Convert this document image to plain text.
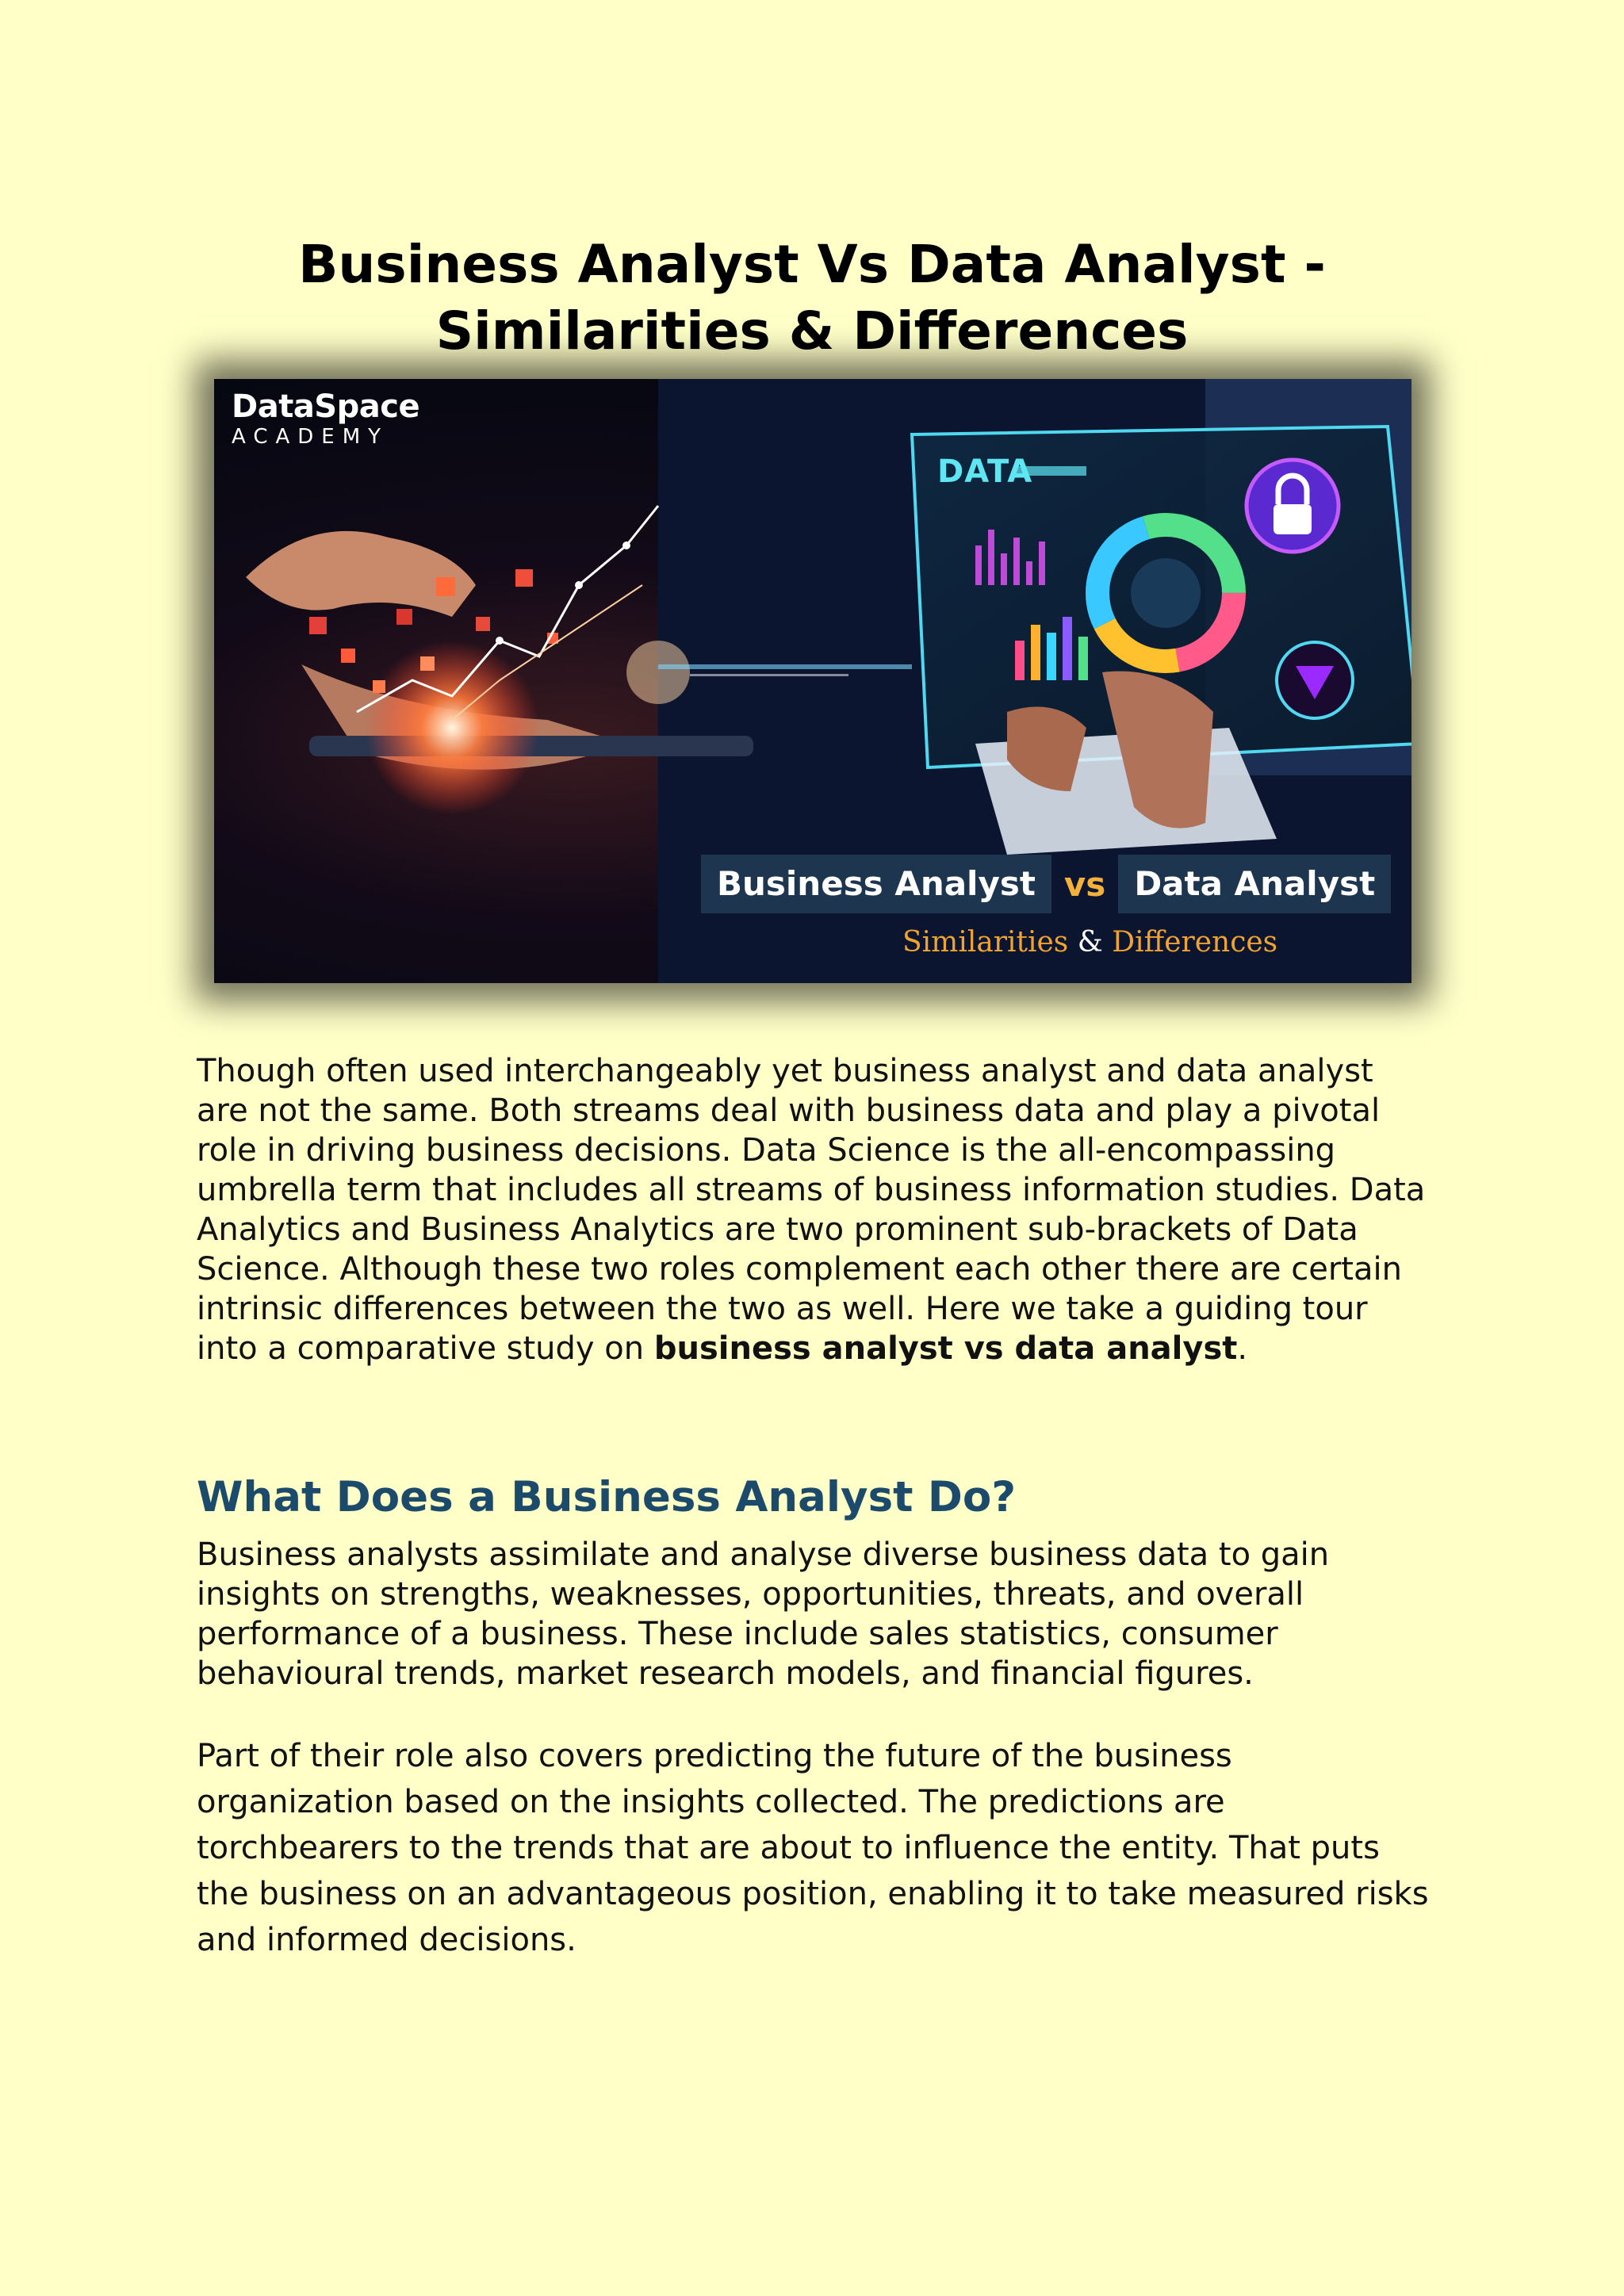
Business Analyst Vs Data Analyst -
Similarities & Differences
DataSpace
ACADEMY
DATA
Business Analyst vs Data Analyst
Similarities & Differences

Though often used interchangeably yet business analyst and data analyst are not the same. Both streams deal with business data and play a pivotal role in driving business decisions. Data Science is the all-encompassing umbrella term that includes all streams of business information studies. Data Analytics and Business Analytics are two prominent sub-brackets of Data Science. Although these two roles complement each other there are certain intrinsic differences between the two as well. Here we take a guiding tour into a comparative study on business analyst vs data analyst.

What Does a Business Analyst Do?

Business analysts assimilate and analyse diverse business data to gain insights on strengths, weaknesses, opportunities, threats, and overall performance of a business. These include sales statistics, consumer behavioural trends, market research models, and financial figures.

Part of their role also covers predicting the future of the business organization based on the insights collected. The predictions are torchbearers to the trends that are about to influence the entity. That puts the business on an advantageous position, enabling it to take measured risks and informed decisions.
